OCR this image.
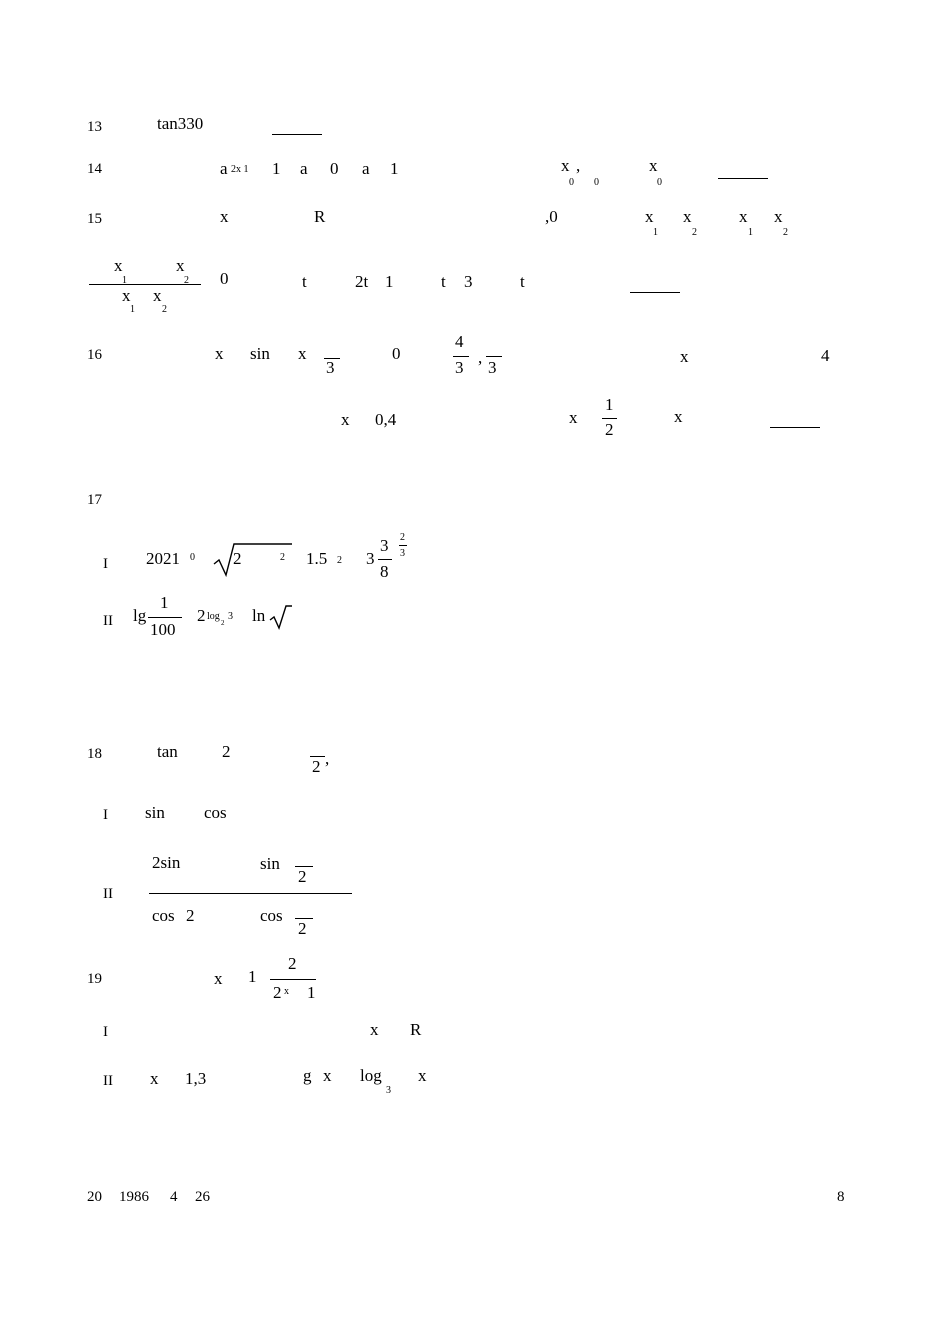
13	tan330
14	a 2x 1 1 a 0 a 1	x
0
,
0
x
0
15	x	R	,0	x
1
x
2
x
1
x
2
x
1
x
2
x
1
x
2
0	t	2t 1	t 3	t
16	x sin x
3
0
4
3
,
3
x	4
x 0,4	x
1
2
x
17
I 2021 0 2	2 1.5 2 3
3
8
2
3
II lg
1
100
2 log
2
3 ln
18	tan	2
2 ,
I sin cos
II
2sin	sin
2
cos 2	cos
2
19	x 1
2
2 x 1
I	x R
II x 1,3	g x log
3
x
20 1986 4 26	8
